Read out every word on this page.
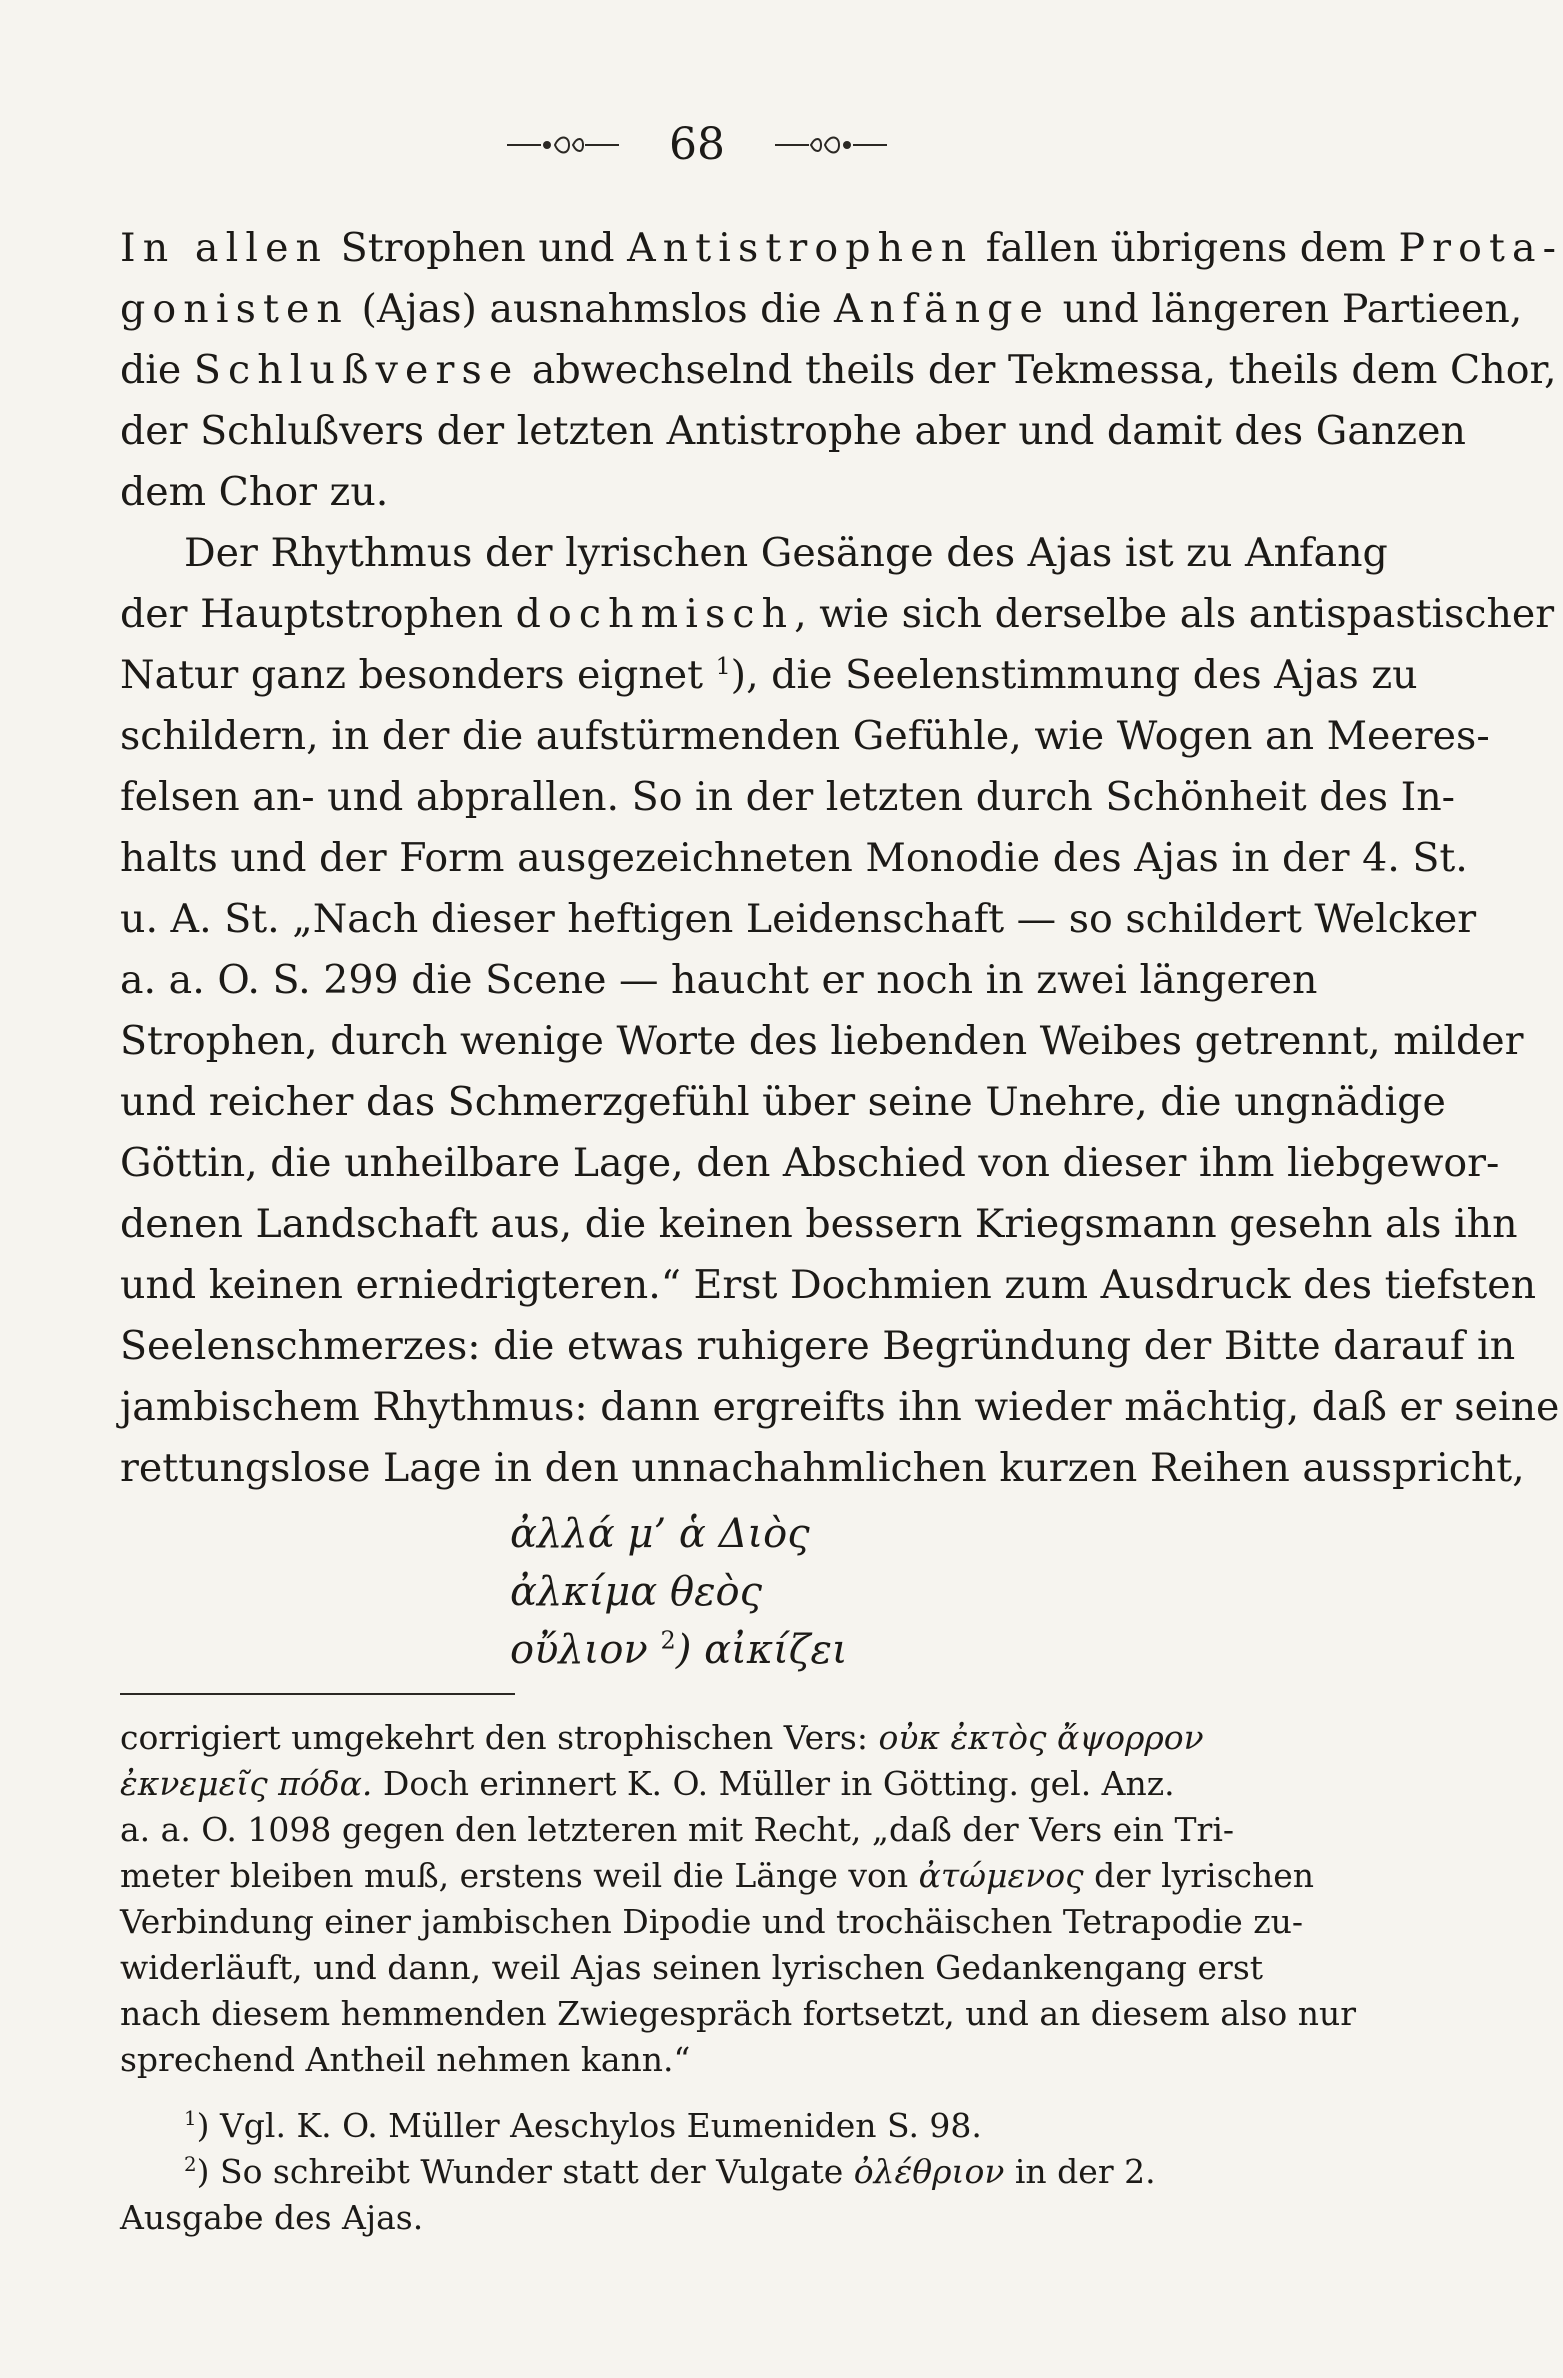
68
In allen Strophen und Antistrophen fallen übrigens dem Prota-
gonisten (Ajas) ausnahmslos die Anfänge und längeren Partieen,
die Schlußverse abwechselnd theils der Tekmessa, theils dem Chor,
der Schlußvers der letzten Antistrophe aber und damit des Ganzen
dem Chor zu.
Der Rhythmus der lyrischen Gesänge des Ajas ist zu Anfang
der Hauptstrophen dochmisch, wie sich derselbe als antispastischer
Natur ganz besonders eignet $^1$), die Seelenstimmung des Ajas zu
schildern, in der die aufstürmenden Gefühle, wie Wogen an Meeres-
felsen an- und abprallen. So in der letzten durch Schönheit des In-
halts und der Form ausgezeichneten Monodie des Ajas in der 4. St.
u. A. St. „Nach dieser heftigen Leidenschaft — so schildert Welcker
a. a. O. S. 299 die Scene — haucht er noch in zwei längeren
Strophen, durch wenige Worte des liebenden Weibes getrennt, milder
und reicher das Schmerzgefühl über seine Unehre, die ungnädige
Göttin, die unheilbare Lage, den Abschied von dieser ihm liebgewor-
denen Landschaft aus, die keinen bessern Kriegsmann gesehn als ihn
und keinen erniedrigteren.“ Erst Dochmien zum Ausdruck des tiefsten
Seelenschmerzes: die etwas ruhigere Begründung der Bitte darauf in
jambischem Rhythmus: dann ergreifts ihn wieder mächtig, daß er seine
rettungslose Lage in den unnachahmlichen kurzen Reihen ausspricht,
ἀλλά μ’ ἁ Διὸς
ἀλκίμα θεὸς
οὔλιον $^2$) αἰκίζει
corrigiert umgekehrt den strophischen Vers: οὐκ ἐκτὸς ἄψορρον
ἐκνεμεῖς πόδα. Doch erinnert K. O. Müller in Götting. gel. Anz.
a. a. O. 1098 gegen den letzteren mit Recht, „daß der Vers ein Tri-
meter bleiben muß, erstens weil die Länge von ἀτώμενος der lyrischen
Verbindung einer jambischen Dipodie und trochäischen Tetrapodie zu-
widerläuft, und dann, weil Ajas seinen lyrischen Gedankengang erst
nach diesem hemmenden Zwiegespräch fortsetzt, und an diesem also nur
sprechend Antheil nehmen kann.“
$^1$) Vgl. K. O. Müller Aeschylos Eumeniden S. 98.
$^2$) So schreibt Wunder statt der Vulgate ὀλέθριον in der 2.
Ausgabe des Ajas.
